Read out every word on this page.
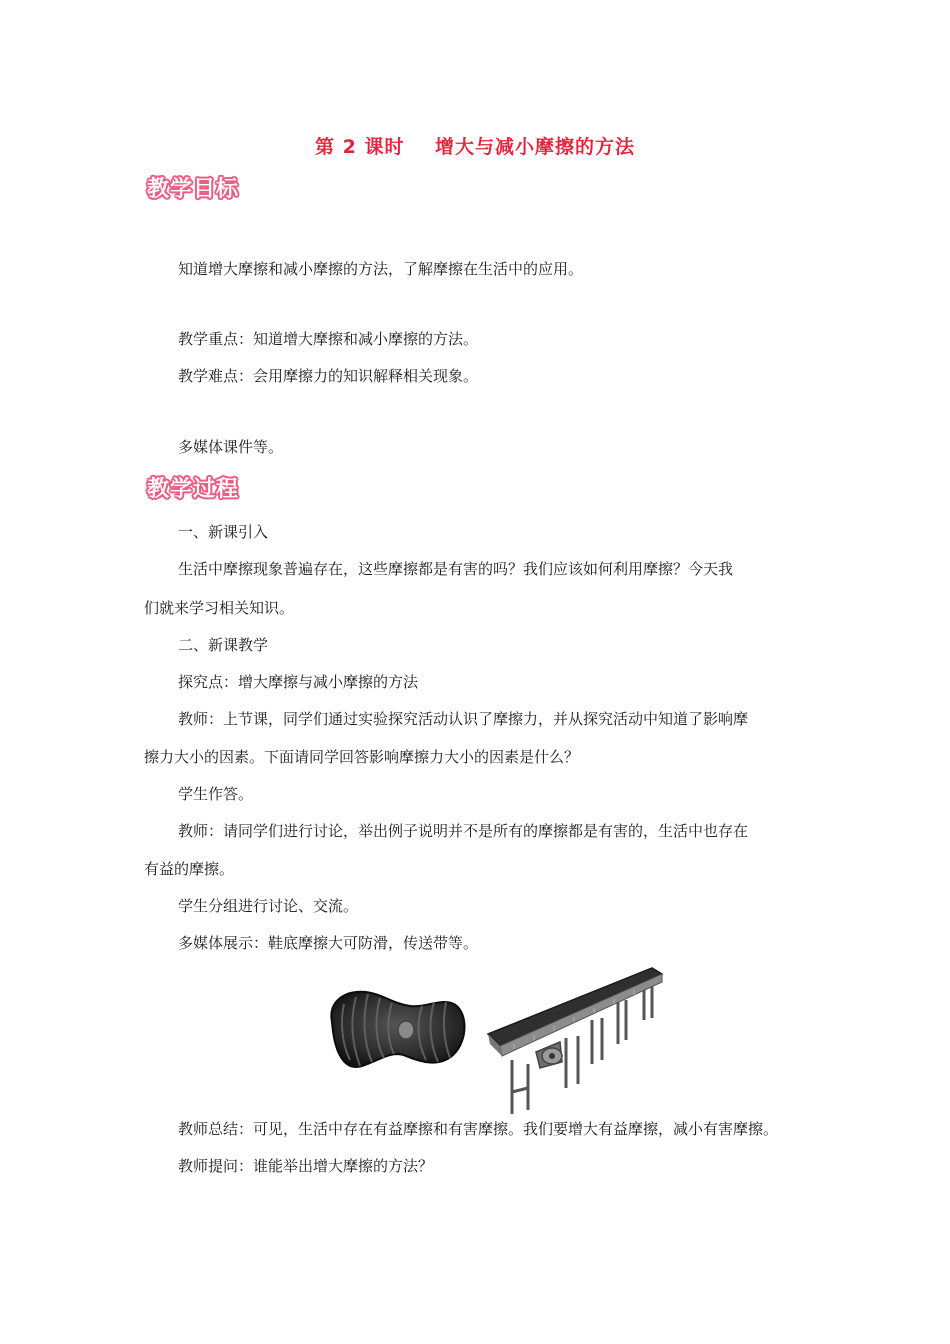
第 2 课时    增大与减小摩擦的方法
教学目标
知道增大摩擦和减小摩擦的方法，了解摩擦在生活中的应用。
教学重点：知道增大摩擦和减小摩擦的方法。
教学难点：会用摩擦力的知识解释相关现象。
多媒体课件等。
教学过程
一、新课引入
生活中摩擦现象普遍存在，这些摩擦都是有害的吗？我们应该如何利用摩擦？今天我
们就来学习相关知识。
二、新课教学
探究点：增大摩擦与减小摩擦的方法
教师：上节课，同学们通过实验探究活动认识了摩擦力，并从探究活动中知道了影响摩
擦力大小的因素。下面请同学回答影响摩擦力大小的因素是什么？
学生作答。
教师：请同学们进行讨论，举出例子说明并不是所有的摩擦都是有害的，生活中也存在
有益的摩擦。
学生分组进行讨论、交流。
多媒体展示：鞋底摩擦大可防滑，传送带等。
教师总结：可见，生活中存在有益摩擦和有害摩擦。我们要增大有益摩擦，减小有害摩擦。
教师提问：谁能举出增大摩擦的方法？
